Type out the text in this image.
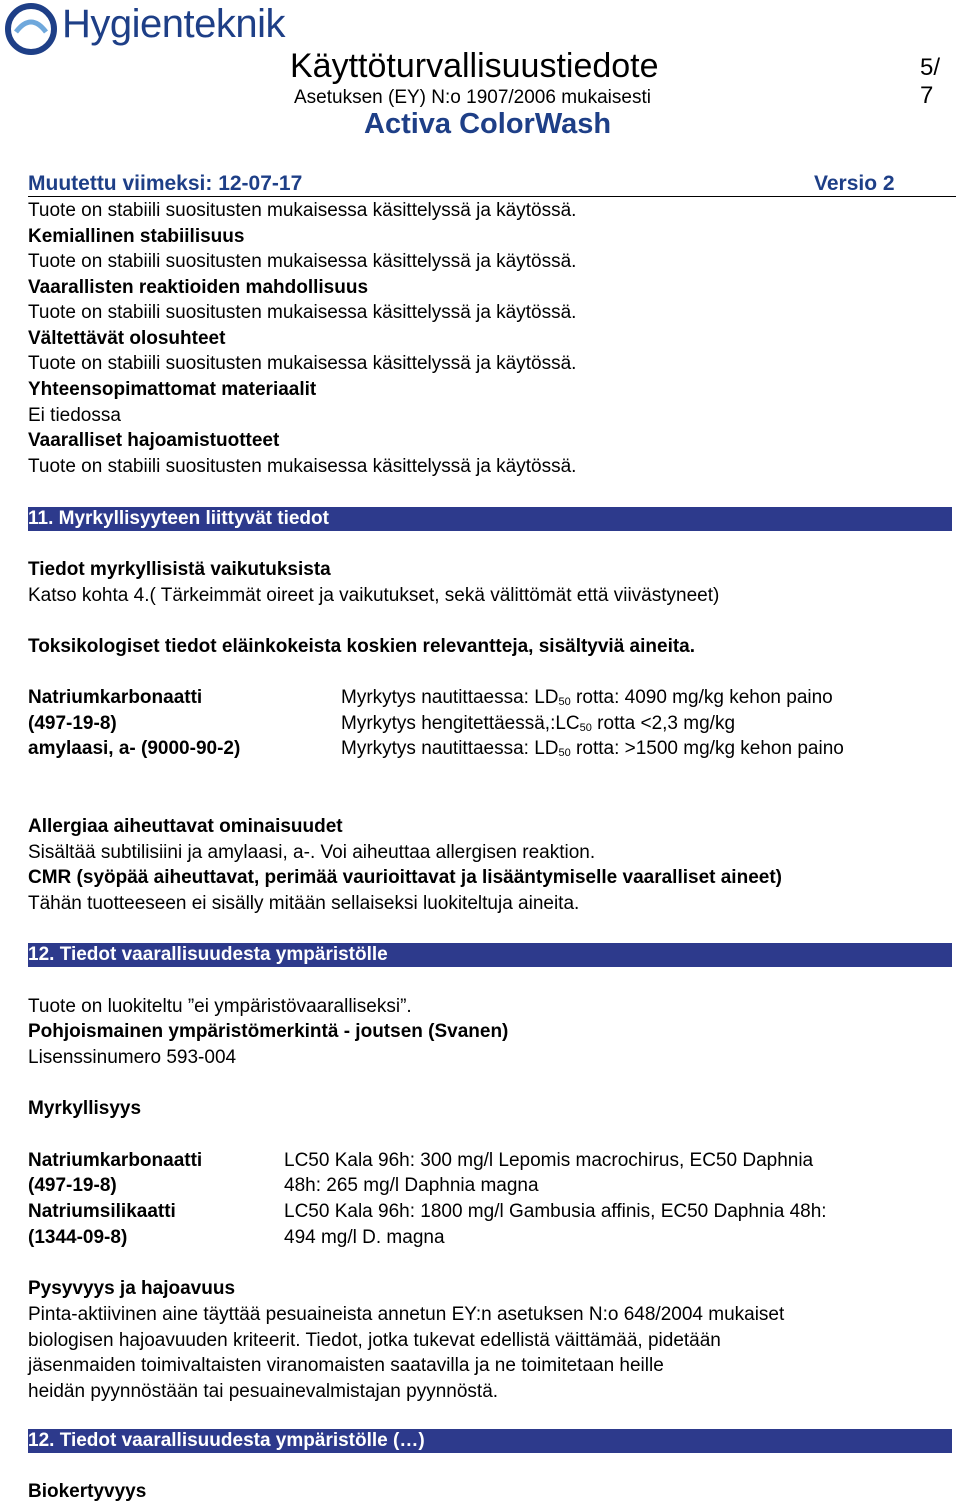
Hygienteknik
Käyttöturvallisuustiedote	5/ 7
Asetuksen (EY) N:o 1907/2006 mukaisesti
Activa ColorWash
Muutettu viimeksi: 12-07-17	Versio 2
Tuote on stabiili suositusten mukaisessa käsittelyssä ja käytössä.
Kemiallinen stabiilisuus
Tuote on stabiili suositusten mukaisessa käsittelyssä ja käytössä.
Vaarallisten reaktioiden mahdollisuus
Tuote on stabiili suositusten mukaisessa käsittelyssä ja käytössä.
Vältettävät olosuhteet
Tuote on stabiili suositusten mukaisessa käsittelyssä ja käytössä.
Yhteensopimattomat materiaalit
Ei tiedossa
Vaaralliset hajoamistuotteet
Tuote on stabiili suositusten mukaisessa käsittelyssä ja käytössä.
11. Myrkyllisyyteen liittyvät tiedot
Tiedot myrkyllisistä vaikutuksista
Katso kohta 4.( Tärkeimmät oireet ja vaikutukset, sekä välittömät että viivästyneet)
Toksikologiset tiedot eläinkokeista koskien relevantteja, sisältyviä aineita.
Natriumkarbonaatti
(497-19-8)
amylaasi, a- (9000-90-2)
Myrkytys nautittaessa: $LD_{50}$ rotta: 4090 mg/kg kehon paino
Myrkytys $hengitettäessä,:LC_{50}$ rotta <2,3 mg/kg
Myrkytys nautittaessa: $LD_{50}$ rotta: >1500 mg/kg kehon paino
Allergiaa aiheuttavat ominaisuudet
Sisältää subtilisiini ja amylaasi, a-. Voi aiheuttaa allergisen reaktion.
CMR (syöpää aiheuttavat, perimää vaurioittavat ja lisääntymiselle vaaralliset aineet)
Tähän tuotteeseen ei sisälly mitään sellaiseksi luokiteltuja aineita.
12. Tiedot vaarallisuudesta ympäristölle
Tuote on luokiteltu ”ei ympäristövaaralliseksi”.
Pohjoismainen ympäristömerkintä - joutsen (Svanen)
Lisenssinumero 593-004
Myrkyllisyys
Natriumkarbonaatti
(497-19-8)
Natriumsilikaatti
(1344-09-8)
LC50 Kala 96h: 300 mg/l Lepomis macrochirus, EC50 Daphnia
48h: 265 mg/l Daphnia magna
LC50 Kala 96h: 1800 mg/l Gambusia affinis, EC50 Daphnia 48h:
494 mg/l D. magna
Pysyvyys ja hajoavuus
Pinta-aktiivinen aine täyttää pesuaineista annetun EY:n asetuksen N:o 648/2004 mukaiset
biologisen hajoavuuden kriteerit. Tiedot, jotka tukevat edellistä väittämää, pidetään
jäsenmaiden toimivaltaisten viranomaisten saatavilla ja ne toimitetaan heille
heidän pyynnöstään tai pesuainevalmistajan pyynnöstä.
12. Tiedot vaarallisuudesta ympäristölle (…)
Biokertyvyys
